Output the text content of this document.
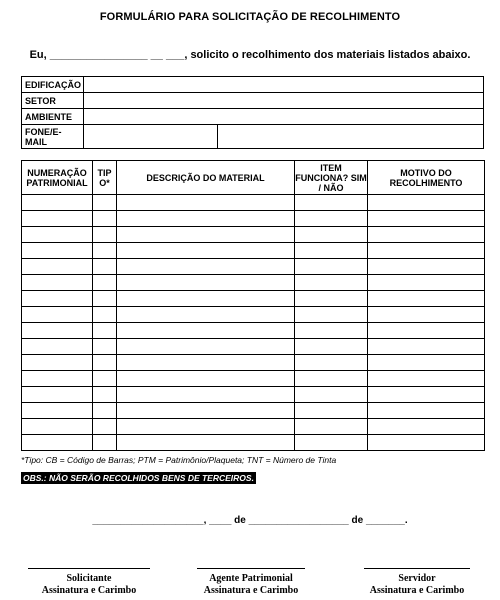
FORMULÁRIO PARA SOLICITAÇÃO DE RECOLHIMENTO
Eu, ________________ __ ___, solicito o recolhimento dos materiais listados abaixo.
EDIFICAÇÃO		
SETOR		
AMBIENTE		
FONE/E-MAIL		
NUMERAÇÃO PATRIMONIAL	TIP O*	DESCRIÇÃO DO MATERIAL	ITEM FUNCIONA? SIM / NÃO	MOTIVO DO RECOLHIMENTO

*Tipo: CB = Código de Barras; PTM = Patrimônio/Plaqueta; TNT = Número de Tinta
OBS.: NÃO SERÃO RECOLHIDOS BENS DE TERCEIROS.
____________________, ____ de __________________ de _______.
Solicitante
Assinatura e Carimbo
Agente Patrimonial
Assinatura e Carimbo
Servidor
Assinatura e Carimbo
